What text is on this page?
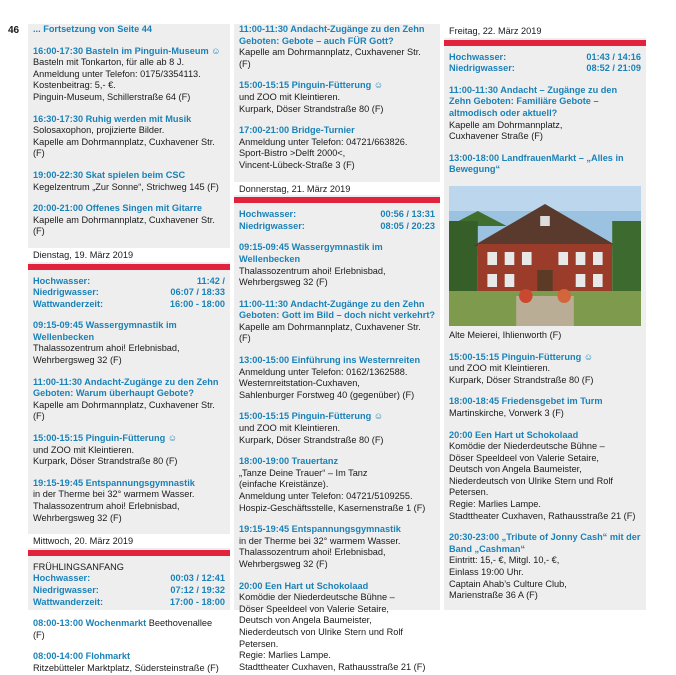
46 ... Fortsetzung von Seite 44
16:00-17:30 Basteln im Pinguin-Museum ☺
Basteln mit Tonkarton, für alle ab 8 J.
Anmeldung unter Telefon: 0175/3354113.
Kostenbeitrag: 5,- €.
Pinguin-Museum, Schillerstraße 64 (F)
16:30-17:30 Ruhig werden mit Musik
Solosaxophon, projizierte Bilder.
Kapelle am Dohrmannplatz, Cuxhavener Str. (F)
19:00-22:30 Skat spielen beim CSC
Kegelzentrum „Zur Sonne“, Strichweg 145 (F)
20:00-21:00 Offenes Singen mit Gitarre
Kapelle am Dohrmannplatz, Cuxhavener Str. (F)
Dienstag, 19. März 2019
Hochwasser:	11:42 /
Niedrigwasser:	06:07 / 18:33
Wattwanderzeit:	16:00 - 18:00
09:15-09:45 Wassergymnastik im Wellenbecken
Thalassozentrum ahoi! Erlebnisbad,
Wehrbergsweg 32 (F)
11:00-11:30 Andacht-Zugänge zu den Zehn Geboten: Warum überhaupt Gebote?
Kapelle am Dohrmannplatz, Cuxhavener Str. (F)
15:00-15:15 Pinguin-Fütterung ☺
und ZOO mit Kleintieren.
Kurpark, Döser Strandstraße 80 (F)
19:15-19:45 Entspannungsgymnastik
in der Therme bei 32° warmem Wasser.
Thalassozentrum ahoi! Erlebnisbad,
Wehrbergsweg 32 (F)
Mittwoch, 20. März 2019
FRÜHLINGSANFANG
Hochwasser:	00:03 / 12:41
Niedrigwasser:	07:12 / 19:32
Wattwanderzeit:	17:00 - 18:00
08:00-13:00 Wochenmarkt Beethovenallee (F)
08:00-14:00 Flohmarkt
Ritzebütteler Marktplatz, Südersteinstraße (F)
11:00-11:30 Andacht-Zugänge zu den Zehn Geboten: Gebote – auch FÜR Gott?
Kapelle am Dohrmannplatz, Cuxhavener Str. (F)
15:00-15:15 Pinguin-Fütterung ☺
und ZOO mit Kleintieren.
Kurpark, Döser Strandstraße 80 (F)
17:00-21:00 Bridge-Turnier
Anmeldung unter Telefon: 04721/663826.
Sport-Bistro >Delft 2000<,
Vincent-Lübeck-Straße 3 (F)
Donnerstag, 21. März 2019
Hochwasser:	00:56 / 13:31
Niedrigwasser:	08:05 / 20:23
09:15-09:45 Wassergymnastik im Wellenbecken
Thalassozentrum ahoi! Erlebnisbad,
Wehrbergsweg 32 (F)
11:00-11:30 Andacht-Zugänge zu den Zehn Geboten: Gott im Bild – doch nicht verkehrt?
Kapelle am Dohrmannplatz, Cuxhavener Str. (F)
13:00-15:00 Einführung ins Westernreiten
Anmeldung unter Telefon: 0162/1362588.
Westernreitstation-Cuxhaven,
Sahlenburger Forstweg 40 (gegenüber) (F)
15:00-15:15 Pinguin-Fütterung ☺
und ZOO mit Kleintieren.
Kurpark, Döser Strandstraße 80 (F)
18:00-19:00 Trauertanz
„Tanze Deine Trauer“ – Im Tanz
(einfache Kreistänze).
Anmeldung unter Telefon: 04721/5109255.
Hospiz-Geschäftsstelle, Kasernenstraße 1 (F)
19:15-19:45 Entspannungsgymnastik
in der Therme bei 32° warmem Wasser.
Thalassozentrum ahoi! Erlebnisbad,
Wehrbergsweg 32 (F)
20:00 Een Hart ut Schokolaad
Komödie der Niederdeutsche Bühne –
Döser Speeldeel von Valerie Setaire,
Deutsch von Angela Baumeister,
Niederdeutsch von Ulrike Stern und Rolf Petersen.
Regie: Marlies Lampe.
Stadttheater Cuxhaven, Rathausstraße 21 (F)
Freitag, 22. März 2019
Hochwasser:	01:43 / 14:16
Niedrigwasser:	08:52 / 21:09
11:00-11:30 Andacht – Zugänge zu den Zehn Geboten: Familiäre Gebote – altmodisch oder aktuell?
Kapelle am Dohrmannplatz,
Cuxhavener Straße (F)
13:00-18:00 LandfrauenMarkt – „Alles in Bewegung“
Alte Meierei, Ihlienworth (F)
15:00-15:15 Pinguin-Fütterung ☺
und ZOO mit Kleintieren.
Kurpark, Döser Strandstraße 80 (F)
18:00-18:45 Friedensgebet im Turm
Martinskirche, Vorwerk 3 (F)
20:00 Een Hart ut Schokolaad
Komödie der Niederdeutsche Bühne –
Döser Speeldeel von Valerie Setaire,
Deutsch von Angela Baumeister,
Niederdeutsch von Ulrike Stern und Rolf Petersen.
Regie: Marlies Lampe.
Stadttheater Cuxhaven, Rathausstraße 21 (F)
20:30-23:00 „Tribute of Jonny Cash“ mit der Band „Cashman“
Eintritt: 15,- €, Mitgl. 10,- €,
Einlass 19:00 Uhr.
Captain Ahab’s Culture Club,
Marienstraße 36 A (F)
